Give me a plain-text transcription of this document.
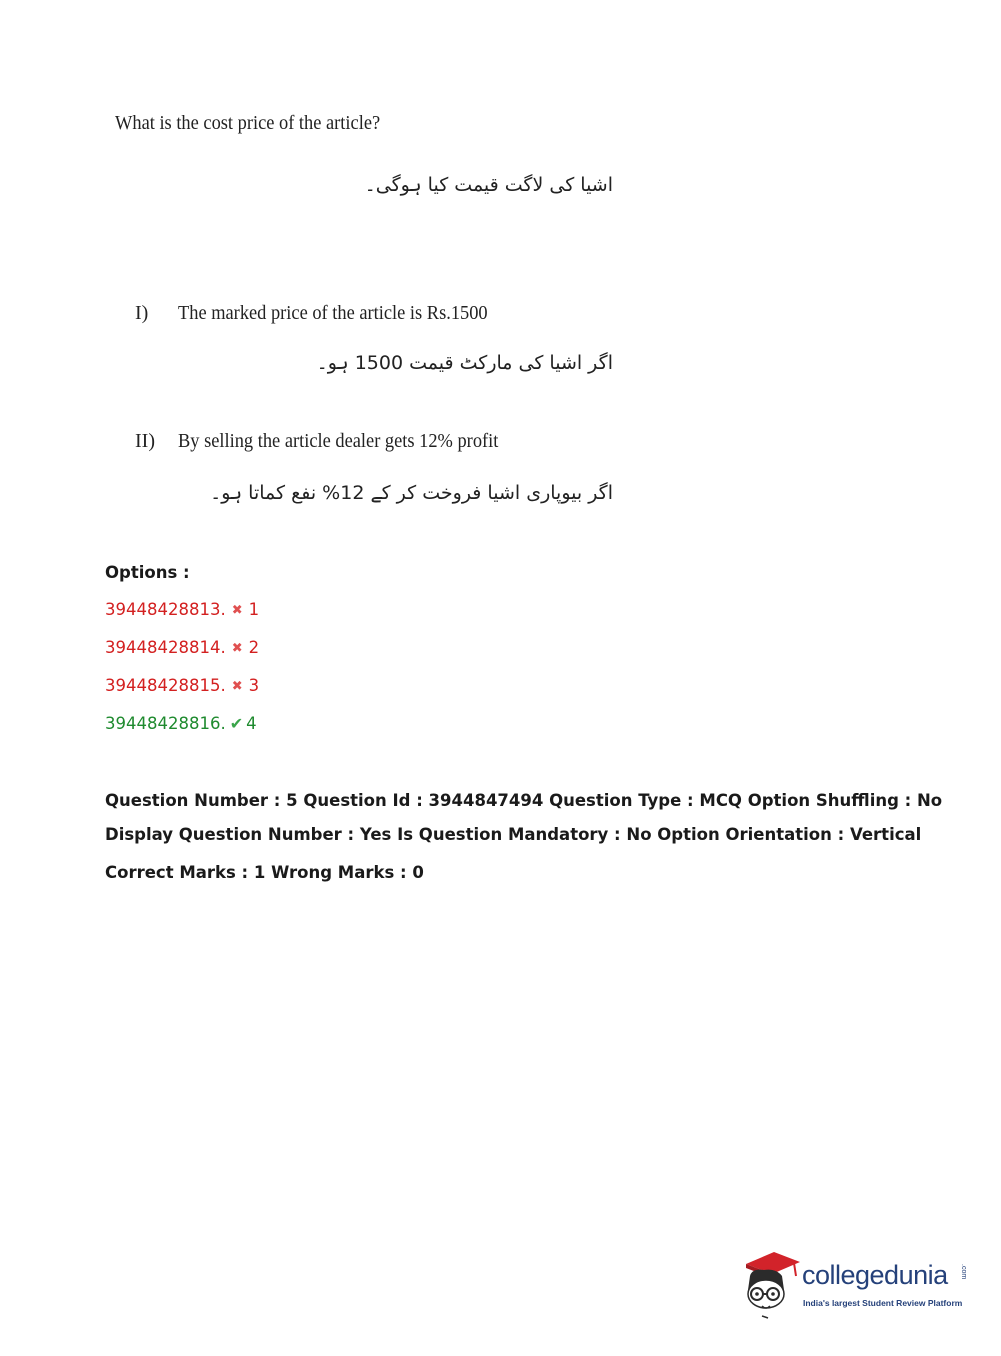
What is the cost price of the article?
اشیا کی لاگت قیمت کیا ہوگی۔
I) The marked price of the article is Rs.1500
اگر اشیا کی مارکٹ قیمت 1500 ہو۔
II) By selling the article dealer gets 12% profit
اگر بیوپاری اشیا فروخت کر کے 12% نفع کماتا ہو۔
Options :
39448428813. ✖ 1
39448428814. ✖ 2
39448428815. ✖ 3
39448428816. ✔ 4
Question Number : 5 Question Id : 3944847494 Question Type : MCQ Option Shuffling : No
Display Question Number : Yes Is Question Mandatory : No Option Orientation : Vertical
Correct Marks : 1 Wrong Marks : 0
collegedunia .com
India's largest Student Review Platform
